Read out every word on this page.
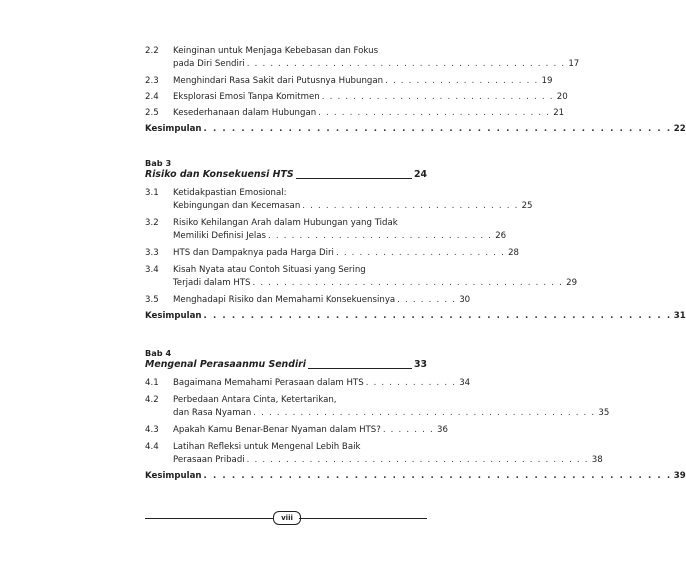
2.2 Keinginan untuk Menjaga Kebebasan dan Fokus
pada Diri Sendiri . . . . . . . . . . . . . . . . . . . . . . . . . . . . . . . . . . . . . . . . . 17
2.3 Menghindari Rasa Sakit dari Putusnya Hubungan . . . . . . . . . . . . . . . . . . . . 19
2.4 Eksplorasi Emosi Tanpa Komitmen . . . . . . . . . . . . . . . . . . . . . . . . . . . . . . 20
2.5 Kesederhanaan dalam Hubungan . . . . . . . . . . . . . . . . . . . . . . . . . . . . . . 21
Kesimpulan . . . . . . . . . . . . . . . . . . . . . . . . . . . . . . . . . . . . . . . . . . . . . . . . . . 22
Bab 3
Risiko dan Konsekuensi HTS	24
3.1 Ketidakpastian Emosional:
Kebingungan dan Kecemasan . . . . . . . . . . . . . . . . . . . . . . . . . . . . 25
3.2 Risiko Kehilangan Arah dalam Hubungan yang Tidak
Memiliki Definisi Jelas . . . . . . . . . . . . . . . . . . . . . . . . . . . . . 26
3.3 HTS dan Dampaknya pada Harga Diri . . . . . . . . . . . . . . . . . . . . . . 28
3.4 Kisah Nyata atau Contoh Situasi yang Sering
Terjadi dalam HTS . . . . . . . . . . . . . . . . . . . . . . . . . . . . . . . . . . . . . . . . 29
3.5 Menghadapi Risiko dan Memahami Konsekuensinya . . . . . . . . 30
Kesimpulan . . . . . . . . . . . . . . . . . . . . . . . . . . . . . . . . . . . . . . . . . . . . . . . . . . 31
Bab 4
Mengenal Perasaanmu Sendiri	33
4.1 Bagaimana Memahami Perasaan dalam HTS . . . . . . . . . . . . 34
4.2 Perbedaan Antara Cinta, Ketertarikan,
dan Rasa Nyaman . . . . . . . . . . . . . . . . . . . . . . . . . . . . . . . . . . . . . . . . . . . . 35
4.3 Apakah Kamu Benar-Benar Nyaman dalam HTS? . . . . . . . 36
4.4 Latihan Refleksi untuk Mengenal Lebih Baik
Perasaan Pribadi . . . . . . . . . . . . . . . . . . . . . . . . . . . . . . . . . . . . . . . . . . . . 38
Kesimpulan . . . . . . . . . . . . . . . . . . . . . . . . . . . . . . . . . . . . . . . . . . . . . . . . . . 39
viii
